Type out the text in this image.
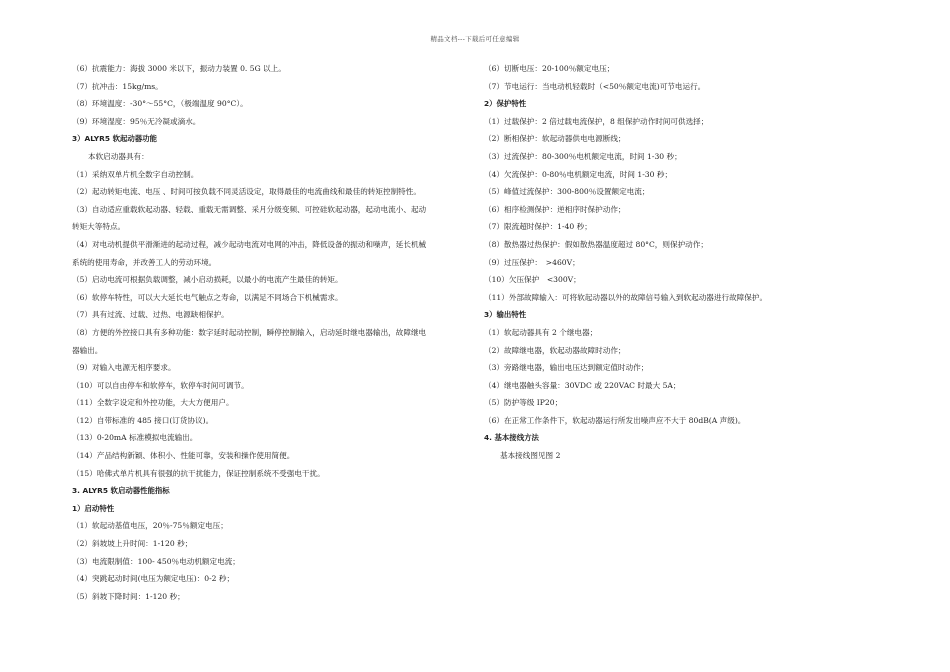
精品文档---下载后可任意编辑
（6）抗震能力：海拔 3000 米以下，振动力装置 0. 5G 以上。
（7）抗冲击：15kg/ms。
（8）环境温度：-30°～55°C，（极端温度 90°C）。
（9）环境湿度：95％无冷凝或滴水。
3）ALYR5 软起动器功能
本软启动器具有：
（1）采纳双单片机全数字自动控制。
（2）起动转矩电流、电压 、时间可按负载不同灵活设定，取得最佳的电流曲线和最佳的转矩控制特性。
（3）自动适应重载软起动器、轻载、重载无需调整、采月分级变频、可控硅软起动器，起动电流小、起动
转矩大等特点。
（4）对电动机提供平滑渐进的起动过程，减少起动电流对电网的冲击，降低设备的振动和噪声，延长机械
系统的使用寿命，并改善工人的劳动环境。
（5）启动电流可根据负载调整，减小启动损耗，以最小的电流产生最佳的转矩。
（6）软停车特性，可以大大延长电气触点之寿命，以满足不同场合下机械需求。
（7）具有过流、过载、过热、电源缺相保护。
（8）方便的外控接口具有多种功能：数字延时起动控制，瞬停控制输入，启动延时继电器输出，故障继电
器输出。
（9）对输入电源无相序要求。
（10）可以自由停车和软停车，软停车时间可调节。
（11）全数字设定和外控功能，大大方便用户。
（12）自带标准的 485 接口(订货协议)。
（13）0-20mA 标准模拟电流输出。
（14）产品结构新颖、体积小、性能可靠，安装和操作使用简便。
（15）哈佛式单片机具有很强的抗干扰能力，保证控制系统不受强电干扰。
3. ALYR5 软启动器性能指标
1）启动特性
（1）软起动基值电压，20％-75％额定电压；
（2）斜坡坡上升时间：1-120 秒；
（3）电流限制值：100- 450％电动机额定电流；
（4）突跳起动时间(电压为额定电压)：0-2 秒；
（5）斜坡下降时间：1-120 秒；
（6）切断电压：20-100％额定电压；
（7）节电运行：当电动机轻载时（<50％额定电流)可节电运行。
2）保护特性
（1）过载保护：2 倍过载电流保护，8 组保护动作时间可供选择；
（2）断相保护：软起动器供电电源断线；
（3）过流保护：80-300％电机额定电流，时间 1-30 秒；
（4）欠流保护：0-80％电机额定电流，时间 1-30 秒；
（5）峰值过流保护：300-800％设置额定电流；
（6）相序检测保护：逆相序时保护动作；
（7）限流超时保护：1-40 秒；
（8）散热器过热保护：假如散热器温度超过 80°C，则保护动作；
（9）过压保护：　>460V；
（10）欠压保护　<300V；
（11）外部故障输入：可将软起动器以外的故障信号输入到软起动器进行故障保护。
3）输出特性
（1）软起动器具有 2 个继电器；
（2）故障继电器，软起动器故障时动作；
（3）旁路继电器，输出电压达到额定值时动作；
（4）继电器触头容量：30VDC 或 220VAC 时最大 5A；
（5）防护等级 IP20；
（6）在正常工作条件下，软起动器运行所发出噪声应不大于 80dB(A 声级)。
4. 基本接线方法
基本接线图见图 2
